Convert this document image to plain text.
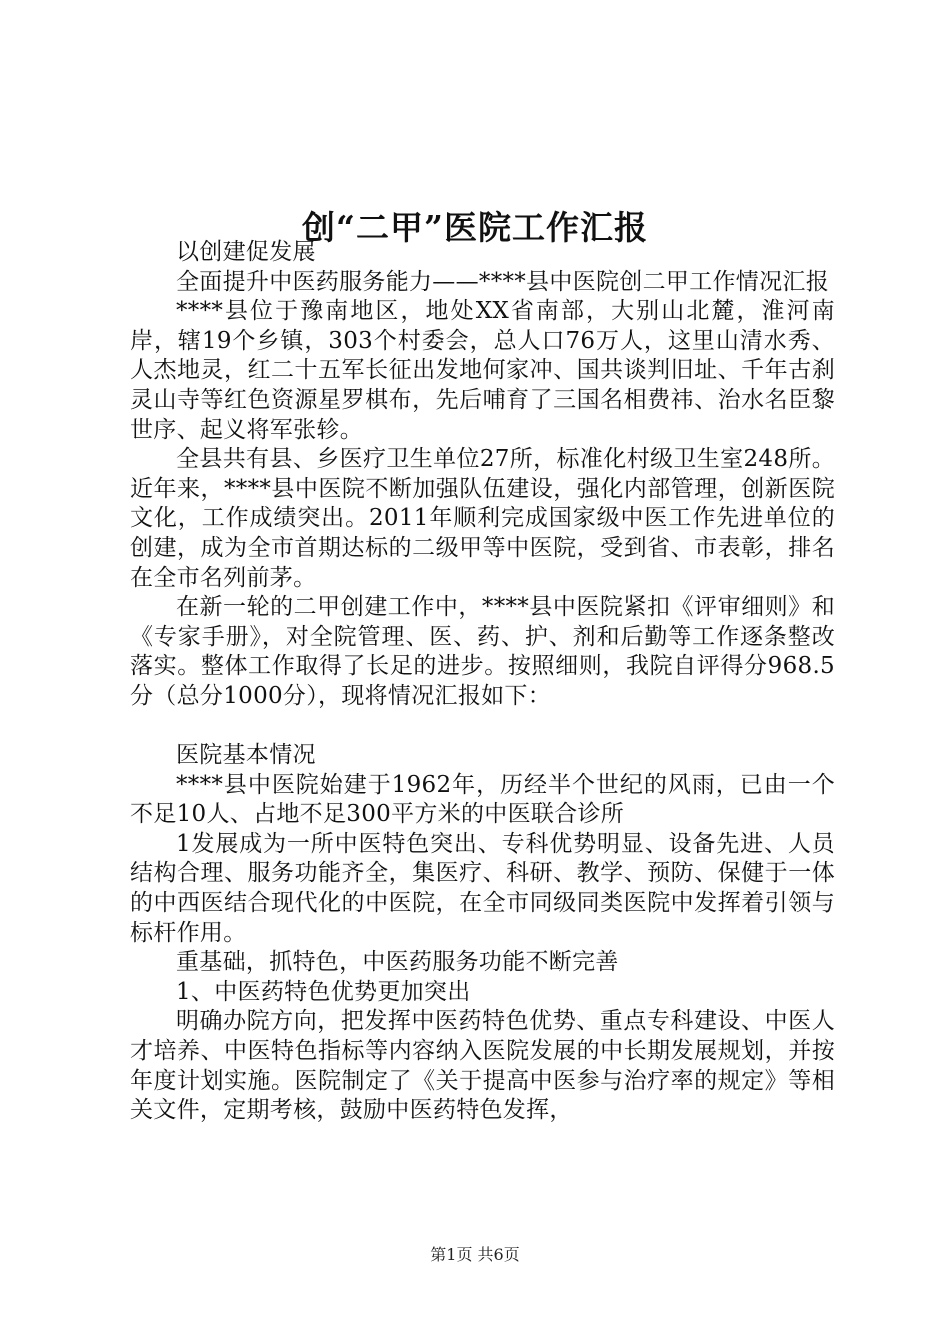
创“二甲”医院工作汇报

以创建促发展

全面提升中医药服务能力——****县中医院创二甲工作情况汇报

****县位于豫南地区，地处XX省南部，大别山北麓，淮河南岸，辖19个乡镇，303个村委会，总人口76万人，这里山清水秀、人杰地灵，红二十五军长征出发地何家冲、国共谈判旧址、千年古刹灵山寺等红色资源星罗棋布，先后哺育了三国名相费祎、治水名臣黎世序、起义将军张轸。

全县共有县、乡医疗卫生单位27所，标准化村级卫生室248所。近年来，****县中医院不断加强队伍建设，强化内部管理，创新医院文化，工作成绩突出。2011年顺利完成国家级中医工作先进单位的创建，成为全市首期达标的二级甲等中医院，受到省、市表彰，排名在全市名列前茅。

在新一轮的二甲创建工作中，****县中医院紧扣《评审细则》和《专家手册》，对全院管理、医、药、护、剂和后勤等工作逐条整改落实。整体工作取得了长足的进步。按照细则，我院自评得分968.5分（总分1000分），现将情况汇报如下：

医院基本情况

****县中医院始建于1962年，历经半个世纪的风雨，已由一个不足10人、占地不足300平方米的中医联合诊所

1发展成为一所中医特色突出、专科优势明显、设备先进、人员结构合理、服务功能齐全，集医疗、科研、教学、预防、保健于一体的中西医结合现代化的中医院，在全市同级同类医院中发挥着引领与标杆作用。

重基础，抓特色，中医药服务功能不断完善

1、中医药特色优势更加突出

明确办院方向，把发挥中医药特色优势、重点专科建设、中医人才培养、中医特色指标等内容纳入医院发展的中长期发展规划，并按年度计划实施。医院制定了《关于提高中医参与治疗率的规定》等相关文件，定期考核，鼓励中医药特色发挥，

第1页 共6页
